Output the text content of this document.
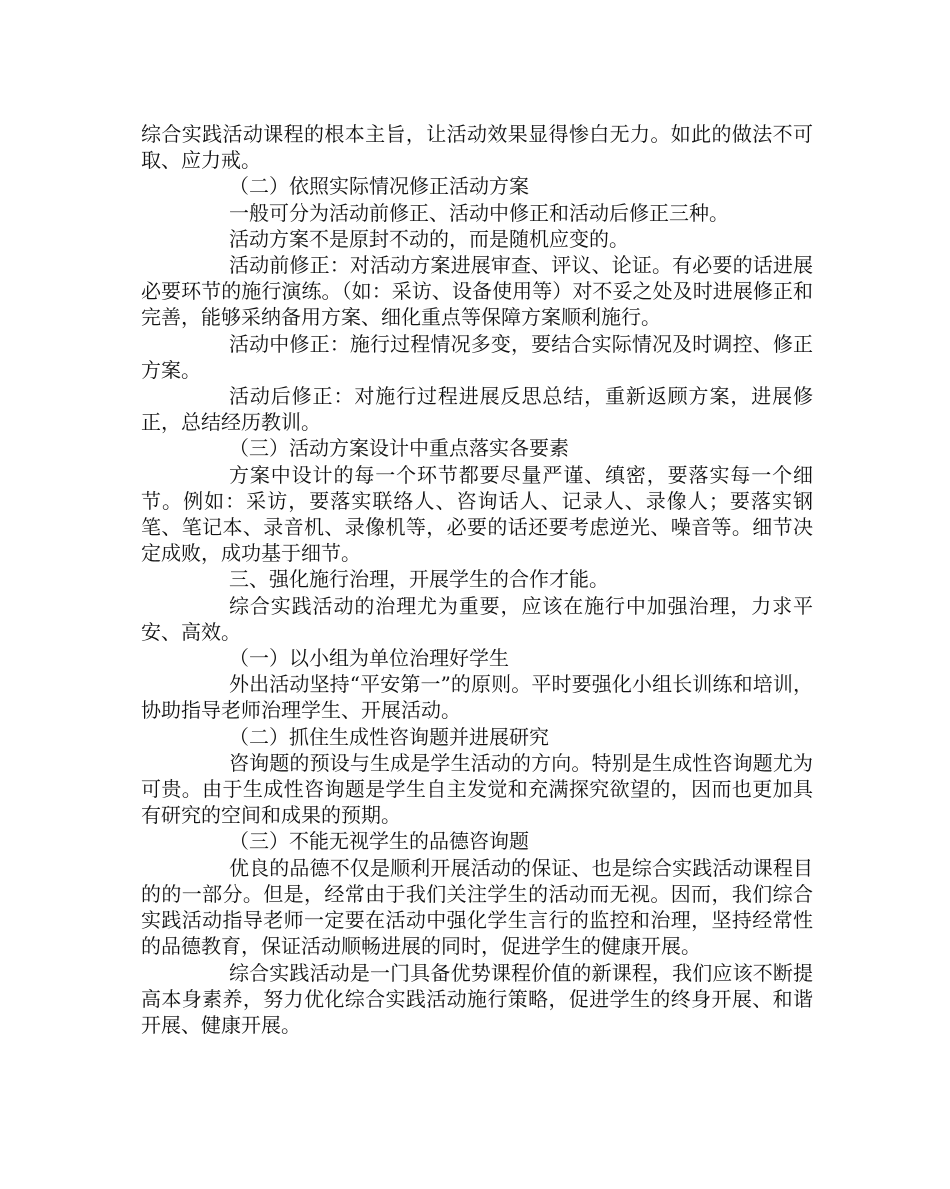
综合实践活动课程的根本主旨，让活动效果显得惨白无力。如此的做法不可取、应力戒。

（二）依照实际情况修正活动方案

一般可分为活动前修正、活动中修正和活动后修正三种。

活动方案不是原封不动的，而是随机应变的。

活动前修正：对活动方案进展审查、评议、论证。有必要的话进展必要环节的施行演练。（如：采访、设备使用等）对不妥之处及时进展修正和完善，能够采纳备用方案、细化重点等保障方案顺利施行。

活动中修正：施行过程情况多变，要结合实际情况及时调控、修正方案。

活动后修正：对施行过程进展反思总结，重新返顾方案，进展修正，总结经历教训。

（三）活动方案设计中重点落实各要素

方案中设计的每一个环节都要尽量严谨、缜密，要落实每一个细节。例如：采访，要落实联络人、咨询话人、记录人、录像人；要落实钢笔、笔记本、录音机、录像机等，必要的话还要考虑逆光、噪音等。细节决定成败，成功基于细节。

三、强化施行治理，开展学生的合作才能。

综合实践活动的治理尤为重要，应该在施行中加强治理，力求平安、高效。

（一）以小组为单位治理好学生

外出活动坚持“平安第一”的原则。平时要强化小组长训练和培训，协助指导老师治理学生、开展活动。

（二）抓住生成性咨询题并进展研究

咨询题的预设与生成是学生活动的方向。特别是生成性咨询题尤为可贵。由于生成性咨询题是学生自主发觉和充满探究欲望的，因而也更加具有研究的空间和成果的预期。

（三）不能无视学生的品德咨询题

优良的品德不仅是顺利开展活动的保证、也是综合实践活动课程目的的一部分。但是，经常由于我们关注学生的活动而无视。因而，我们综合实践活动指导老师一定要在活动中强化学生言行的监控和治理，坚持经常性的品德教育，保证活动顺畅进展的同时，促进学生的健康开展。

综合实践活动是一门具备优势课程价值的新课程，我们应该不断提高本身素养，努力优化综合实践活动施行策略，促进学生的终身开展、和谐开展、健康开展。
